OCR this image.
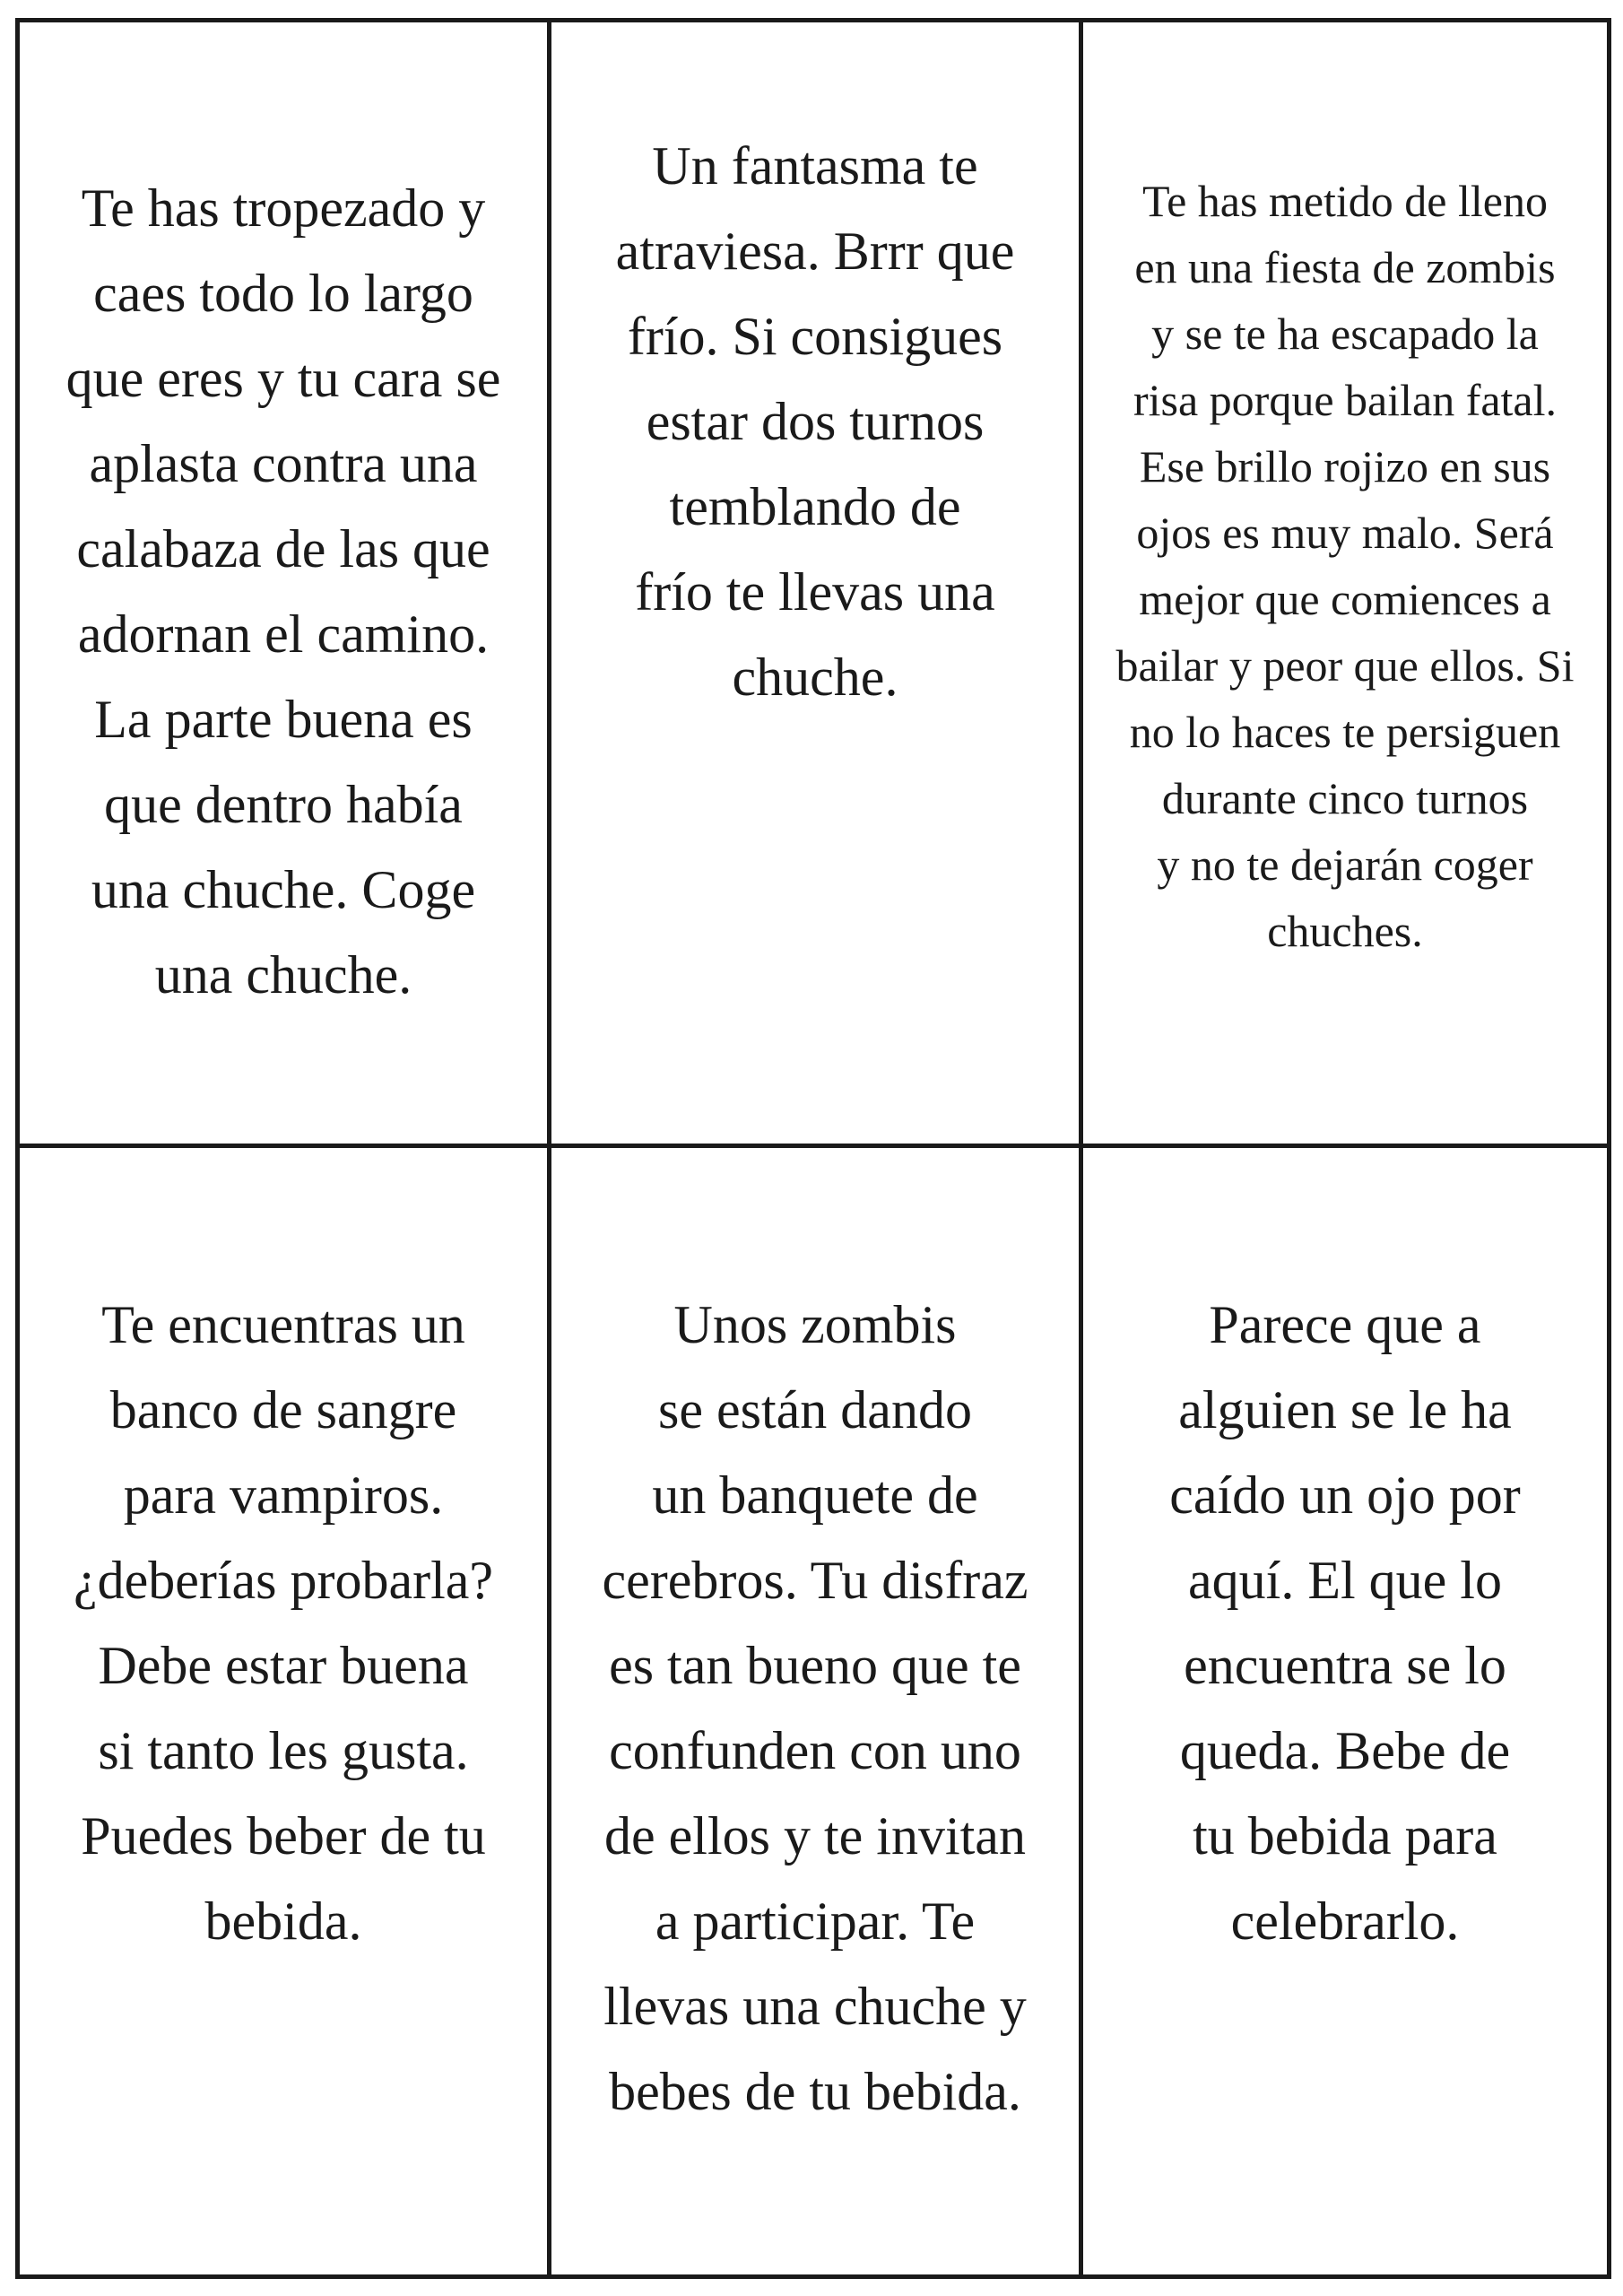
Te has tropezado y
caes todo lo largo
que eres y tu cara se
aplasta contra una
calabaza de las que
adornan el camino.
La parte buena es
que dentro había
una chuche. Coge
una chuche.

Un fantasma te
atraviesa. Brrr que
frío. Si consigues
estar dos turnos
temblando de
frío te llevas una
chuche.

Te has metido de lleno
en una fiesta de zombis
y se te ha escapado la
risa porque bailan fatal.
Ese brillo rojizo en sus
ojos es muy malo. Será
mejor que comiences a
bailar y peor que ellos. Si
no lo haces te persiguen
durante cinco turnos
y no te dejarán coger
chuches.

Te encuentras un
banco de sangre
para vampiros.
¿deberías probarla?
Debe estar buena
si tanto les gusta.
Puedes beber de tu
bebida.

Unos zombis
se están dando
un banquete de
cerebros. Tu disfraz
es tan bueno que te
confunden con uno
de ellos y te invitan
a participar. Te
llevas una chuche y
bebes de tu bebida.

Parece que a
alguien se le ha
caído un ojo por
aquí. El que lo
encuentra se lo
queda. Bebe de
tu bebida para
celebrarlo.
